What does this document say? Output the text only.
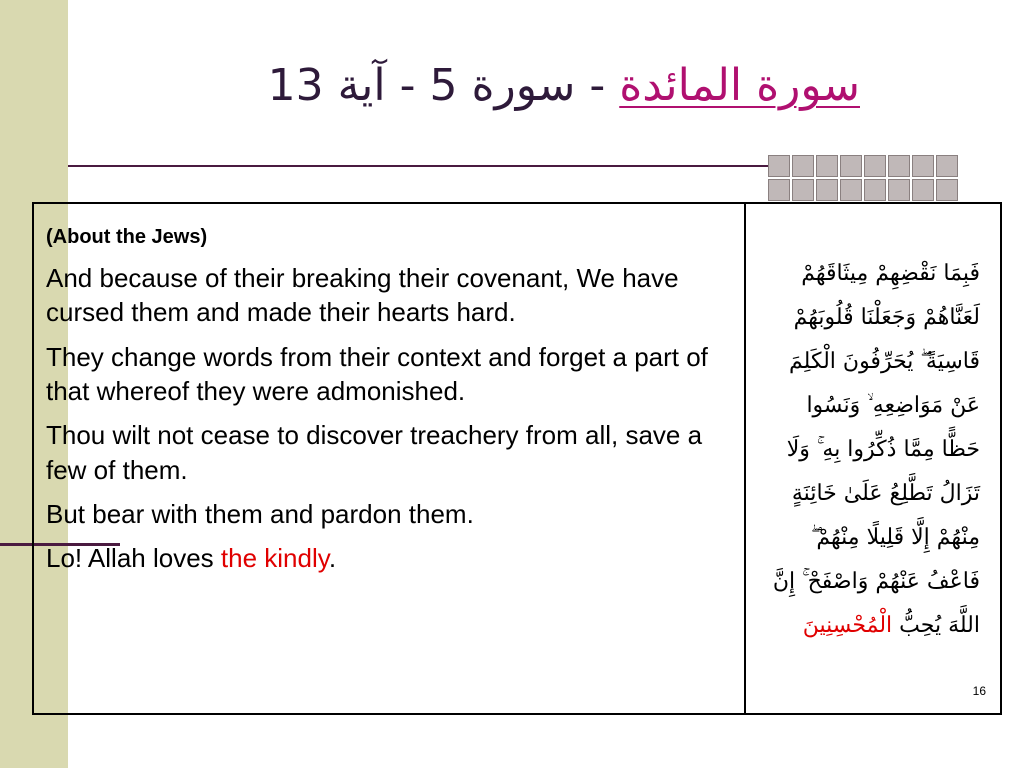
سورة المائدة - سورة 5 - آية 13
(About the Jews)

And because of their breaking their covenant, We have cursed them and made their hearts hard.

They change words from their context and forget a part of that whereof they were admonished.

Thou wilt not cease to discover treachery from all, save a few of them.

But bear with them and pardon them.

Lo! Allah loves the kindly.

فَبِمَا نَقْضِهِمْ مِيثَاقَهُمْ لَعَنَّاهُمْ وَجَعَلْنَا قُلُوبَهُمْ قَاسِيَةً ۖ يُحَرِّفُونَ الْكَلِمَ عَنْ مَوَاضِعِهِ ۙ وَنَسُوا حَظًّا مِمَّا ذُكِّرُوا بِهِ ۚ وَلَا تَزَالُ تَطَّلِعُ عَلَىٰ خَائِنَةٍ مِنْهُمْ إِلَّا قَلِيلًا مِنْهُمْ ۖ فَاعْفُ عَنْهُمْ وَاصْفَحْ ۚ إِنَّ اللَّهَ يُحِبُّ الْمُحْسِنِينَ
16
